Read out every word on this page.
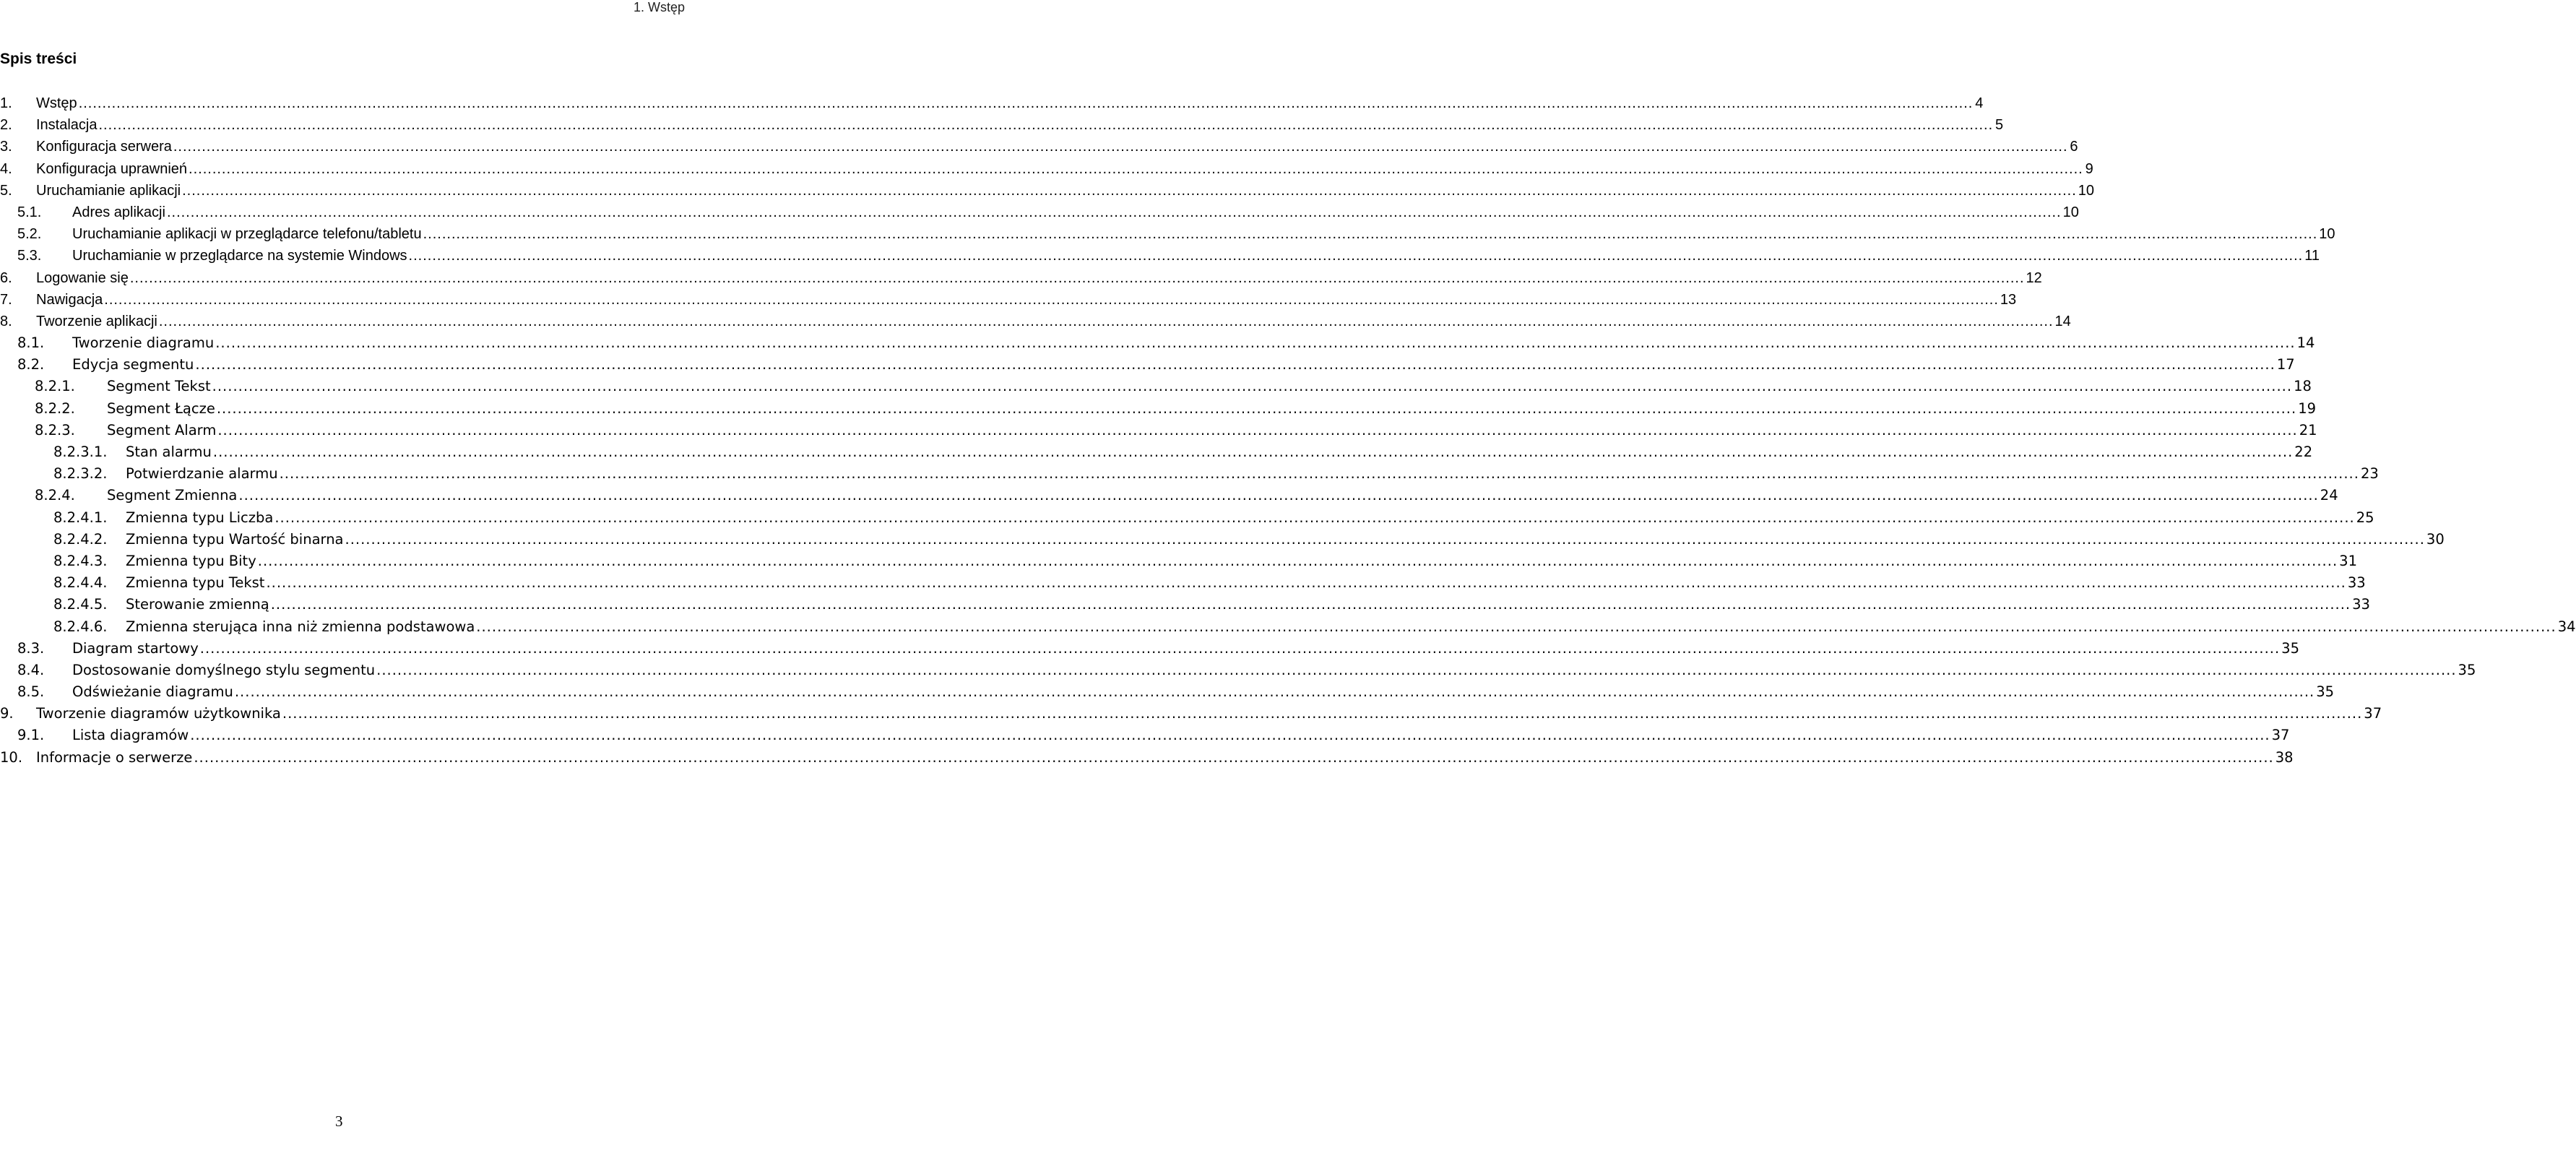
1. Wstęp
Spis treści
1. Wstęp ................................................................................................................................................................................................................................................................................................................................................................................................................ 4
2. Instalacja ................................................................................................................................................................................................................................................................................................................................................................................................................ 5
3. Konfiguracja serwera ................................................................................................................................................................................................................................................................................................................................................................................................................ 6
4. Konfiguracja uprawnień ................................................................................................................................................................................................................................................................................................................................................................................................................ 9
5. Uruchamianie aplikacji ................................................................................................................................................................................................................................................................................................................................................................................................................ 10
5.1. Adres aplikacji ................................................................................................................................................................................................................................................................................................................................................................................................................ 10
5.2. Uruchamianie aplikacji w przeglądarce telefonu/tabletu ................................................................................................................................................................................................................................................................................................................................................................................................................ 10
5.3. Uruchamianie w przeglądarce na systemie Windows ................................................................................................................................................................................................................................................................................................................................................................................................................ 11
6. Logowanie się ................................................................................................................................................................................................................................................................................................................................................................................................................ 12
7. Nawigacja ................................................................................................................................................................................................................................................................................................................................................................................................................ 13
8. Tworzenie aplikacji ................................................................................................................................................................................................................................................................................................................................................................................................................ 14
8.1. Tworzenie diagramu ................................................................................................................................................................................................................................................................................................................................................................................................................ 14
8.2. Edycja segmentu ................................................................................................................................................................................................................................................................................................................................................................................................................ 17
8.2.1. Segment Tekst ................................................................................................................................................................................................................................................................................................................................................................................................................ 18
8.2.2. Segment Łącze ................................................................................................................................................................................................................................................................................................................................................................................................................ 19
8.2.3. Segment Alarm ................................................................................................................................................................................................................................................................................................................................................................................................................ 21
8.2.3.1. Stan alarmu ................................................................................................................................................................................................................................................................................................................................................................................................................ 22
8.2.3.2. Potwierdzanie alarmu ................................................................................................................................................................................................................................................................................................................................................................................................................ 23
8.2.4. Segment Zmienna ................................................................................................................................................................................................................................................................................................................................................................................................................ 24
8.2.4.1. Zmienna typu Liczba ................................................................................................................................................................................................................................................................................................................................................................................................................ 25
8.2.4.2. Zmienna typu Wartość binarna ................................................................................................................................................................................................................................................................................................................................................................................................................ 30
8.2.4.3. Zmienna typu Bity ................................................................................................................................................................................................................................................................................................................................................................................................................ 31
8.2.4.4. Zmienna typu Tekst ................................................................................................................................................................................................................................................................................................................................................................................................................ 33
8.2.4.5. Sterowanie zmienną ................................................................................................................................................................................................................................................................................................................................................................................................................ 33
8.2.4.6. Zmienna sterująca inna niż zmienna podstawowa ................................................................................................................................................................................................................................................................................................................................................................................................................ 34
8.3. Diagram startowy ................................................................................................................................................................................................................................................................................................................................................................................................................ 35
8.4. Dostosowanie domyślnego stylu segmentu ................................................................................................................................................................................................................................................................................................................................................................................................................ 35
8.5. Odświeżanie diagramu ................................................................................................................................................................................................................................................................................................................................................................................................................ 35
9. Tworzenie diagramów użytkownika ................................................................................................................................................................................................................................................................................................................................................................................................................ 37
9.1. Lista diagramów ................................................................................................................................................................................................................................................................................................................................................................................................................ 37
10. Informacje o serwerze ................................................................................................................................................................................................................................................................................................................................................................................................................ 38
3
